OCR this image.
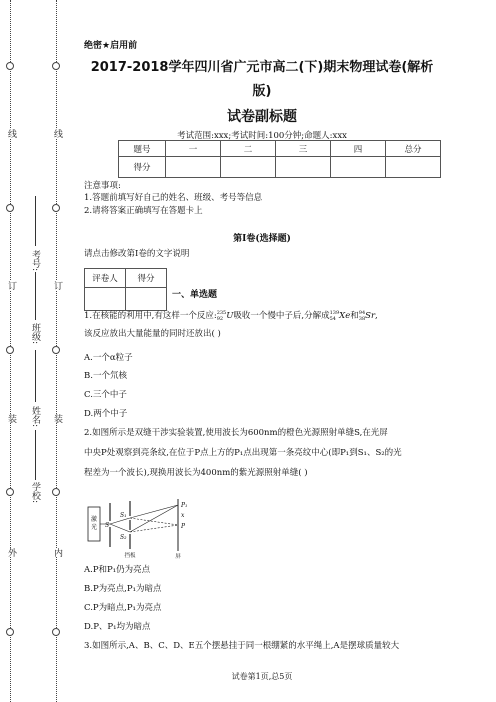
外
装
订
线
内
装
订
线
学校:
姓名:
班级:
考号:
绝密★启用前
2017-2018学年四川省广元市高二(下)期末物理试卷(解析版)
试卷副标题
考试范围:xxx;考试时间:100分钟;命题人:xxx
题号	一	二	三	四	总分
得分					
注意事项:
1.答题前填写好自己的姓名、班级、考号等信息
2.请将答案正确填写在答题卡上
第I卷(选择题)
请点击修改第I卷的文字说明
评卷人	得分

一、单选题
1.在核能的利用中,有这样一个反应: 235
92 U吸收一个慢中子后,分解成 139
54 Xe和 94
38 Sr,
该反应放出大量能量的同时还放出( )
A.一个α粒子
B.一个氘核
C.三个中子
D.两个中子
2.如图所示是双缝干涉实验装置,使用波长为600nm的橙色光源照射单缝S,在光屏
中央P处观察到亮条纹,在位于P点上方的P₁点出现第一条亮纹中心(即P₁到S₁、S₂的光
程差为一个波长),现换用波长为400nm的紫光源照射单缝( )
激光 S
S₁
S₂
P₁
x
P
挡板	屏
A.P和P₁仍为亮点
B.P为亮点,P₁为暗点
C.P为暗点,P₁为亮点
D.P、P₁均为暗点
3.如图所示,A、B、C、D、E五个摆悬挂于同一根绷紧的水平绳上,A是摆球质量较大
试卷第1页,总5页
